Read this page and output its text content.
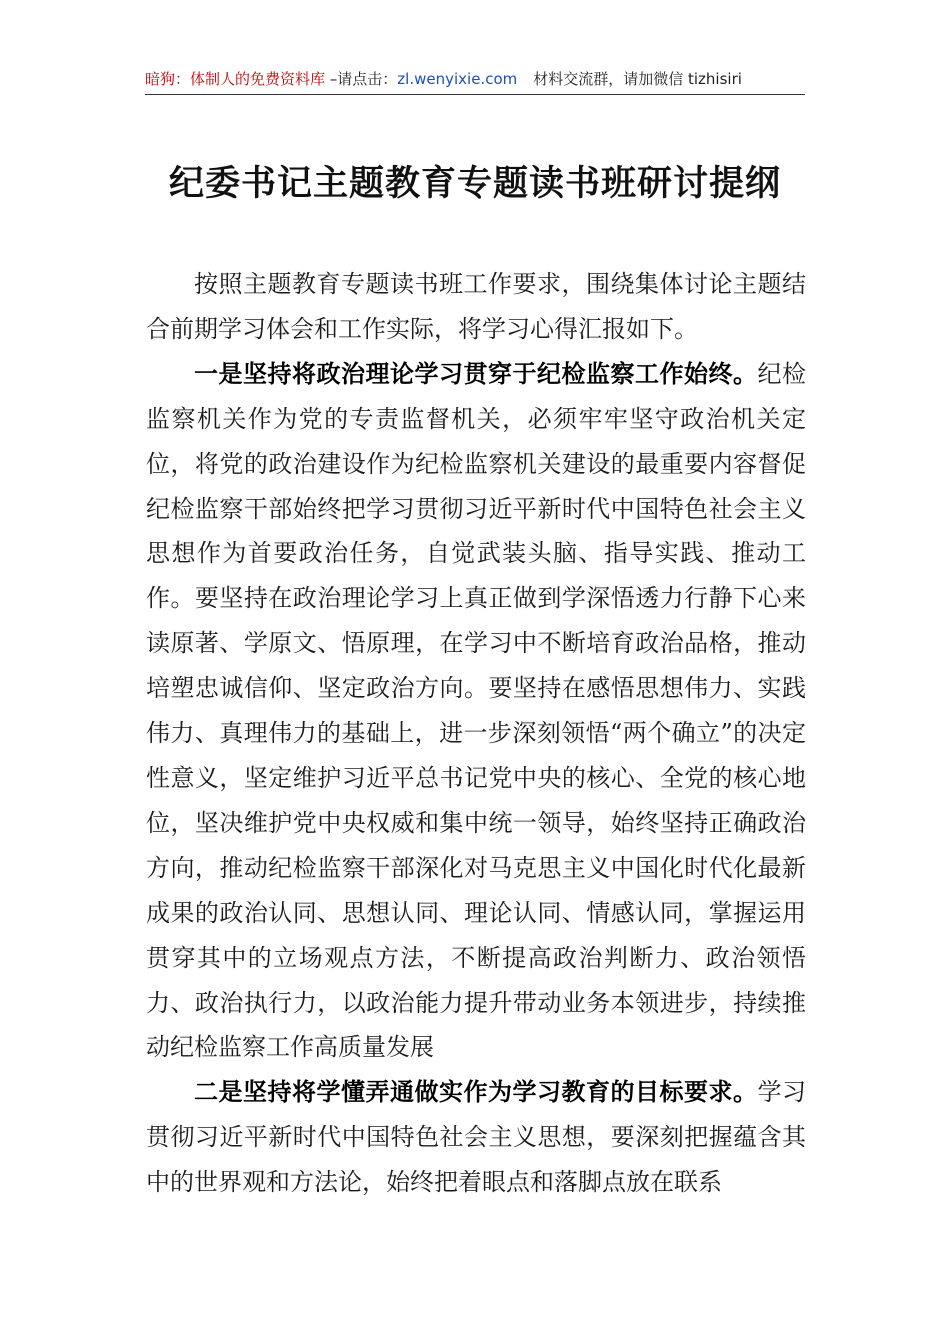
暗狗：体制人的免费资料库 –请点击：zl.wenyixie.com 材料交流群，请加微信 tizhisiri
纪委书记主题教育专题读书班研讨提纲

按照主题教育专题读书班工作要求，围绕集体讨论主题结合前期学习体会和工作实际，将学习心得汇报如下。

一是坚持将政治理论学习贯穿于纪检监察工作始终。纪检监察机关作为党的专责监督机关，必须牢牢坚守政治机关定位，将党的政治建设作为纪检监察机关建设的最重要内容督促纪检监察干部始终把学习贯彻习近平新时代中国特色社会主义思想作为首要政治任务，自觉武装头脑、指导实践、推动工作。要坚持在政治理论学习上真正做到学深悟透力行静下心来读原著、学原文、悟原理，在学习中不断培育政治品格，推动培塑忠诚信仰、坚定政治方向。要坚持在感悟思想伟力、实践伟力、真理伟力的基础上，进一步深刻领悟“两个确立”的决定性意义，坚定维护习近平总书记党中央的核心、全党的核心地位，坚决维护党中央权威和集中统一领导，始终坚持正确政治方向，推动纪检监察干部深化对马克思主义中国化时代化最新成果的政治认同、思想认同、理论认同、情感认同，掌握运用贯穿其中的立场观点方法，不断提高政治判断力、政治领悟力、政治执行力，以政治能力提升带动业务本领进步，持续推动纪检监察工作高质量发展

二是坚持将学懂弄通做实作为学习教育的目标要求。学习贯彻习近平新时代中国特色社会主义思想，要深刻把握蕴含其中的世界观和方法论，始终把着眼点和落脚点放在联系
